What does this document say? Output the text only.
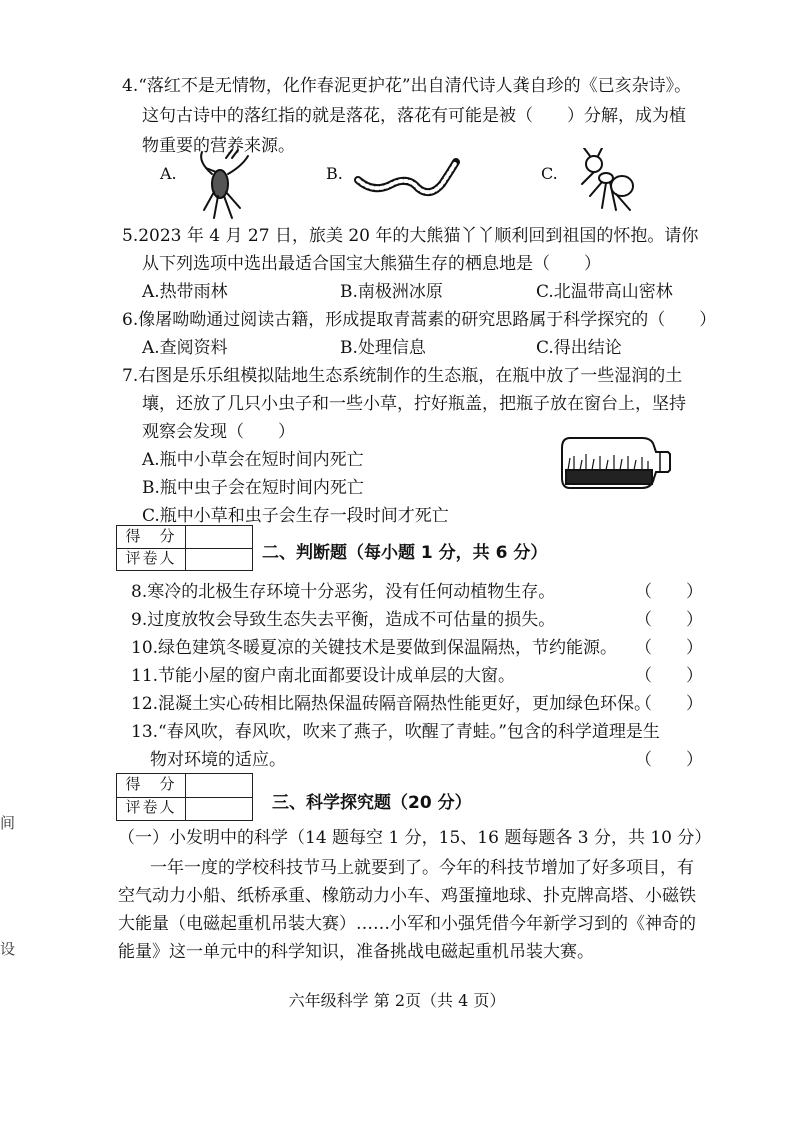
4.“落红不是无情物，化作春泥更护花”出自清代诗人龚自珍的《已亥杂诗》。
这句古诗中的落红指的就是落花，落花有可能是被（　　）分解，成为植
物重要的营养来源。
A.	B.	C.
5.2023 年 4 月 27 日，旅美 20 年的大熊猫丫丫顺利回到祖国的怀抱。请你
从下列选项中选出最适合国宝大熊猫生存的栖息地是（　　）
A.热带雨林	B.南极洲冰原	C.北温带高山密林
6.像屠呦呦通过阅读古籍，形成提取青蒿素的研究思路属于科学探究的（　　）
A.查阅资料	B.处理信息	C.得出结论
7.右图是乐乐组模拟陆地生态系统制作的生态瓶，在瓶中放了一些湿润的土
壤，还放了几只小虫子和一些小草，拧好瓶盖，把瓶子放在窗台上，坚持
观察会发现（　　）
A.瓶中小草会在短时间内死亡
B.瓶中虫子会在短时间内死亡
C.瓶中小草和虫子会生存一段时间才死亡
得　分
评卷人	二、判断题（每小题 1 分，共 6 分）
8.寒冷的北极生存环境十分恶劣，没有任何动植物生存。	（　　）
9.过度放牧会导致生态失去平衡，造成不可估量的损失。	（　　）
10.绿色建筑冬暖夏凉的关键技术是要做到保温隔热，节约能源。 （　　）
11.节能小屋的窗户南北面都要设计成单层的大窗。	（　　）
12.混凝土实心砖相比隔热保温砖隔音隔热性能更好，更加绿色环保。
（　　）
13.“春风吹，春风吹，吹来了燕子，吹醒了青蛙。”包含的科学道理是生
物对环境的适应。	（　　）
得　分
评卷人	三、科学探究题（20 分）
（一）小发明中的科学（14 题每空 1 分，15、16 题每题各 3 分，共 10 分）
一年一度的学校科技节马上就要到了。今年的科技节增加了好多项目，有
空气动力小船、纸桥承重、橡筋动力小车、鸡蛋撞地球、扑克牌高塔、小磁铁
大能量（电磁起重机吊装大赛）……小军和小强凭借今年新学习到的《神奇的
能量》这一单元中的科学知识，准备挑战电磁起重机吊装大赛。
间
设
六年级科学 第 2页（共 4 页）
